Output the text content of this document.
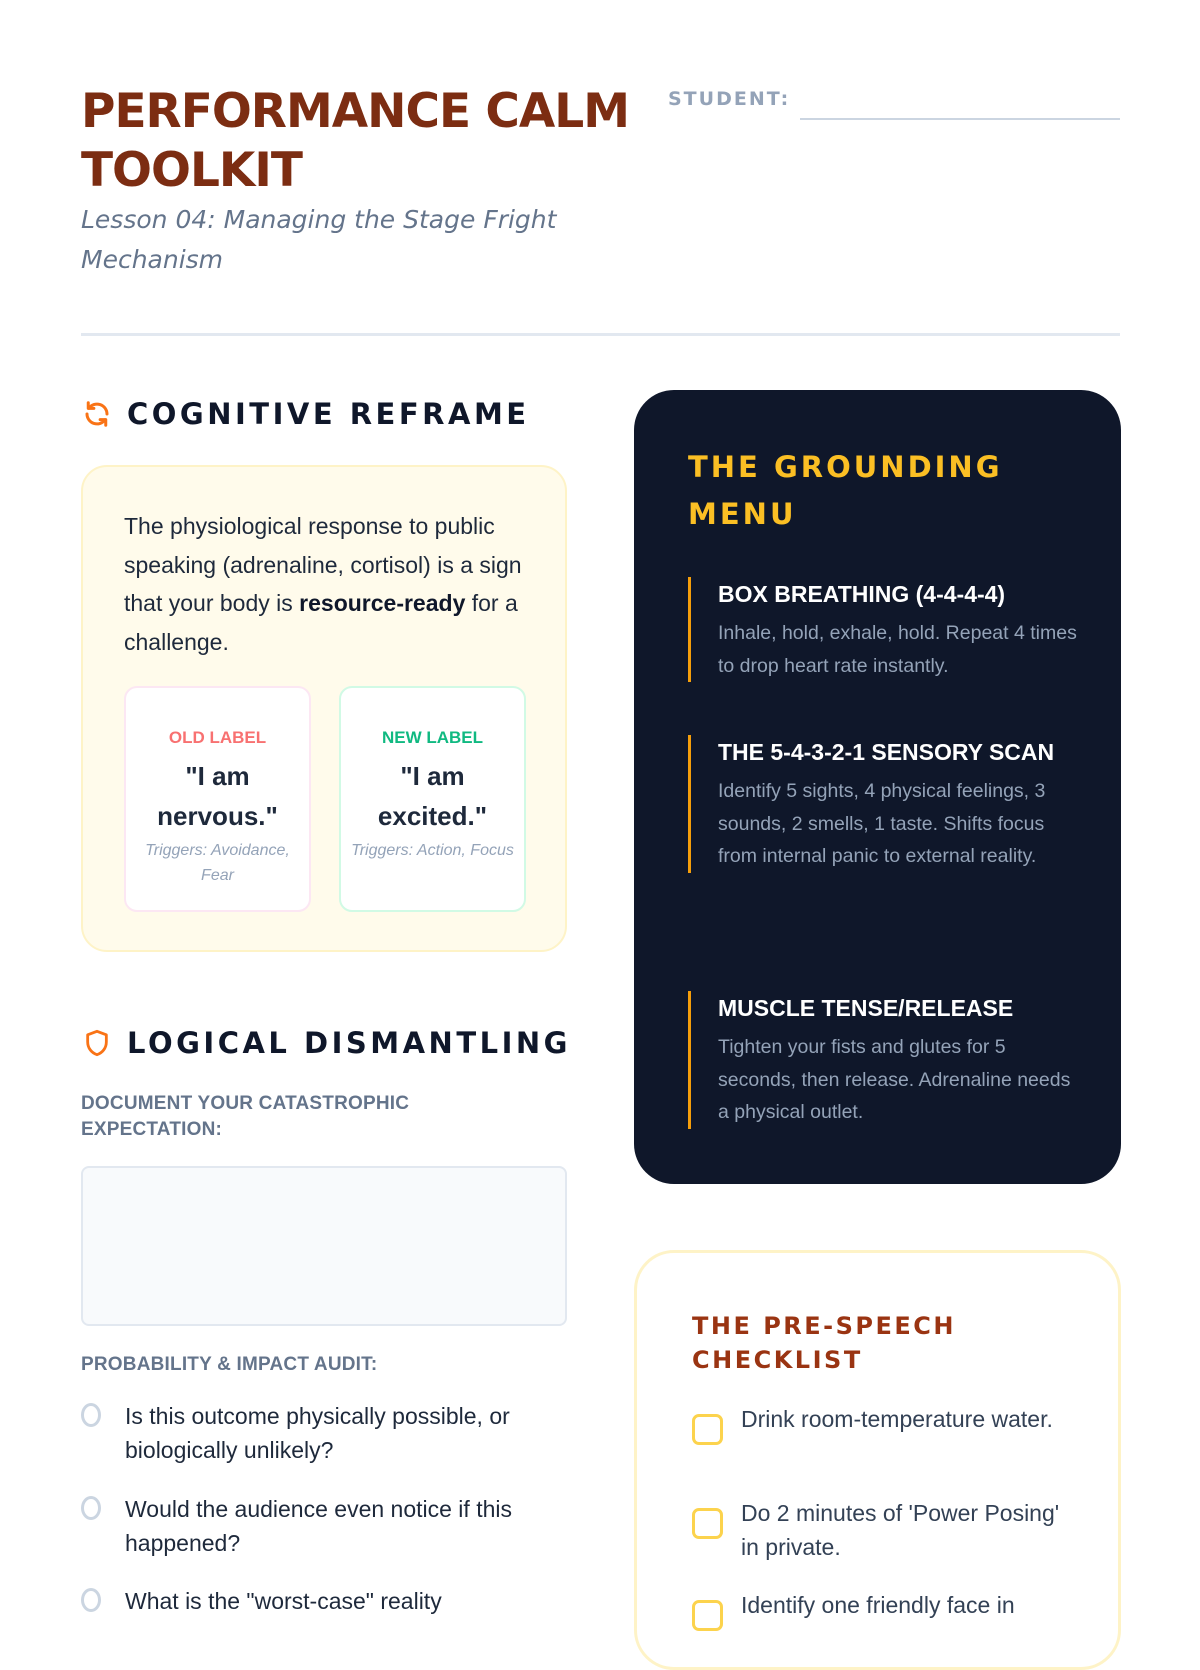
PERFORMANCE CALM TOOLKIT
Lesson 04: Managing the Stage Fright Mechanism
STUDENT:
COGNITIVE REFRAME

The physiological response to public speaking (adrenaline, cortisol) is a sign that your body is resource-ready for a challenge.

OLD LABEL
"I am nervous."
Triggers: Avoidance, Fear
NEW LABEL
"I am excited."
Triggers: Action, Focus
LOGICAL DISMANTLING
DOCUMENT YOUR CATASTROPHIC EXPECTATION:
PROBABILITY & IMPACT AUDIT:
Is this outcome physically possible, or biologically unlikely?
Would the audience even notice if this happened?
What is the "worst-case" reality
THE GROUNDING MENU
BOX BREATHING (4-4-4-4)
Inhale, hold, exhale, hold. Repeat 4 times to drop heart rate instantly.
THE 5-4-3-2-1 SENSORY SCAN
Identify 5 sights, 4 physical feelings, 3 sounds, 2 smells, 1 taste. Shifts focus from internal panic to external reality.
MUSCLE TENSE/RELEASE
Tighten your fists and glutes for 5 seconds, then release. Adrenaline needs a physical outlet.
THE PRE-SPEECH CHECKLIST
Drink room-temperature water.
Do 2 minutes of 'Power Posing' in private.
Identify one friendly face in
